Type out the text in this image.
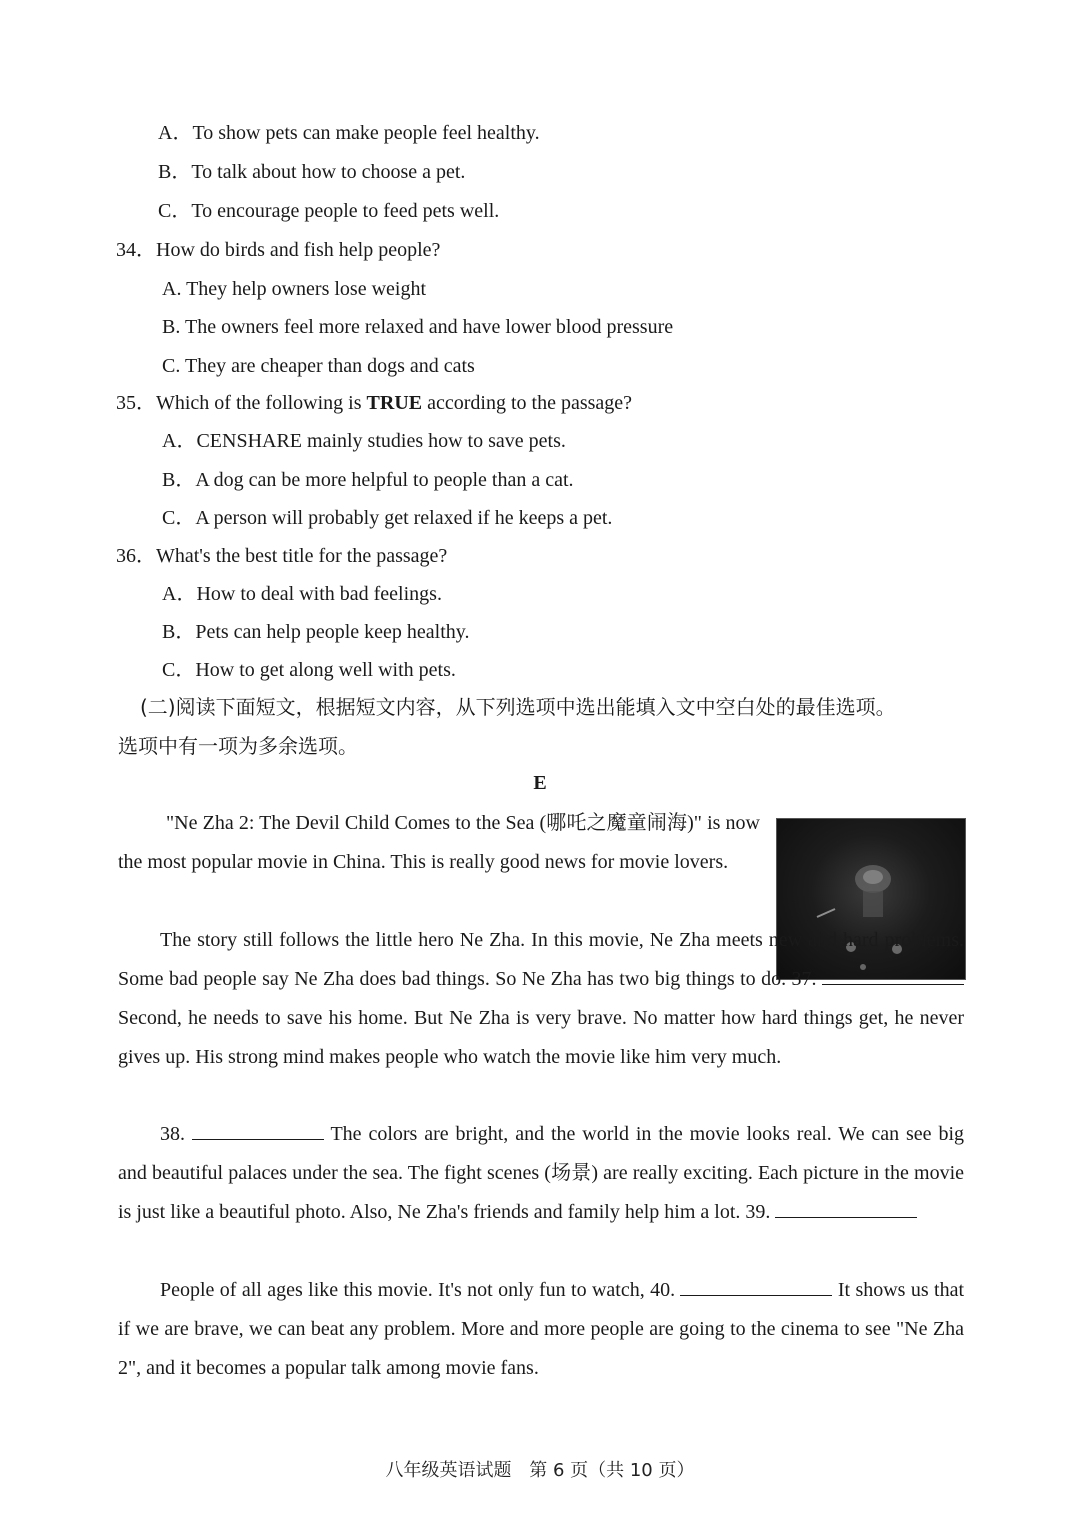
A．To show pets can make people feel healthy.
B．To talk about how to choose a pet.
C．To encourage people to feed pets well.
34．How do birds and fish help people?
A. They help owners lose weight
B. The owners feel more relaxed and have lower blood pressure
C. They are cheaper than dogs and cats
35．Which of the following is TRUE according to the passage?
A．CENSHARE mainly studies how to save pets.
B．A dog can be more helpful to people than a cat.
C．A person will probably get relaxed if he keeps a pet.
36．What's the best title for the passage?
A．How to deal with bad feelings.
B．Pets can help people keep healthy.
C．How to get along well with pets.
(二)阅读下面短文，根据短文内容，从下列选项中选出能填入文中空白处的最佳选项。
选项中有一项为多余选项。
E
"Ne Zha 2: The Devil Child Comes to the Sea (哪吒之魔童闹海)" is now the most popular movie in China. This is really good news for movie lovers.
The story still follows the little hero Ne Zha. In this movie, Ne Zha meets new and hard problems. Some bad people say Ne Zha does bad things. So Ne Zha has two big things to do. 37.  Second, he needs to save his home. But Ne Zha is very brave. No matter how hard things get, he never gives up. His strong mind makes people who watch the movie like him very much.
38.	The colors are bright, and the world in the movie looks real. We can see big and beautiful palaces under the sea. The fight scenes (场景) are really exciting. Each picture in the movie is just like a beautiful photo. Also, Ne Zha's friends and family help him a lot. 39.
People of all ages like this movie. It's not only fun to watch, 40.	It shows us that if we are brave, we can beat any problem. More and more people are going to the cinema to see "Ne Zha 2", and it becomes a popular talk among movie fans.
八年级英语试题 第 6 页（共 10 页）
